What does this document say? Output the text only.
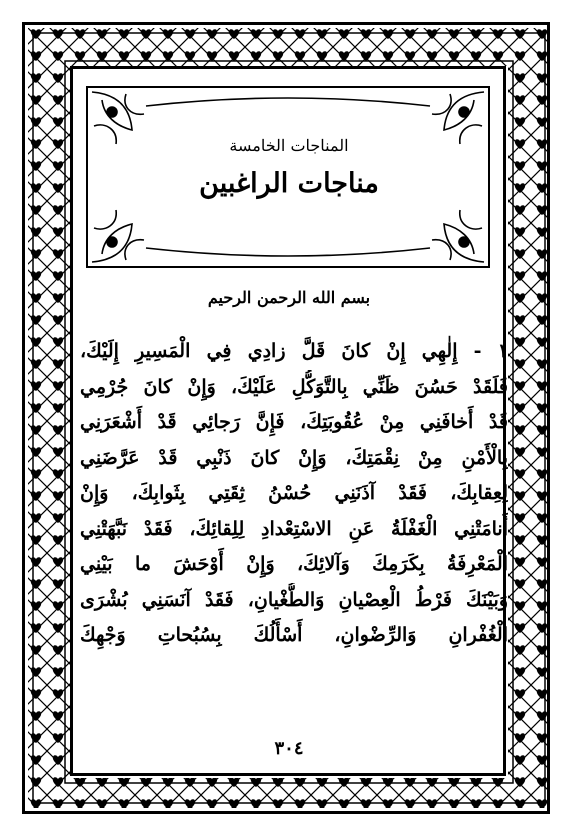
المناجات الخامسة
مناجات الراغبين
بسم الله الرحمن الرحيم
١ - إِلٰهِي إِنْ كانَ قَلَّ زادِي فِي الْمَسِيرِ إِلَيْكَ،
فَلَقَدْ حَسُنَ ظَنِّي بِالتَّوَكُّلِ عَلَيْكَ، وَإِنْ كانَ جُرْمِي
قَدْ أَخافَنِي مِنْ عُقُوبَتِكَ، فَإِنَّ رَجائِي قَدْ أَشْعَرَنِي
بِالْأَمْنِ مِنْ نِقْمَتِكَ، وَإِنْ كانَ ذَنْبِي قَدْ عَرَّضَنِي
لِعِقابِكَ، فَقَدْ آذَنَنِي حُسْنُ ثِقَتِي بِثَوابِكَ، وَإِنْ
أَنامَتْنِي الْغَفْلَةُ عَنِ الاسْتِعْدادِ لِلِقائِكَ، فَقَدْ نَبَّهَتْنِي
الْمَعْرِفَةُ بِكَرَمِكَ وَآلائِكَ، وَإِنْ أَوْحَشَ ما بَيْنِي
وَبَيْنَكَ فَرْطُ الْعِصْيانِ وَالطُّغْيانِ، فَقَدْ آنَسَنِي بُشْرَى
الْغُفْرانِ وَالرِّضْوانِ، أَسْأَلُكَ بِسُبُحاتِ وَجْهِكَ
٣٠٤
